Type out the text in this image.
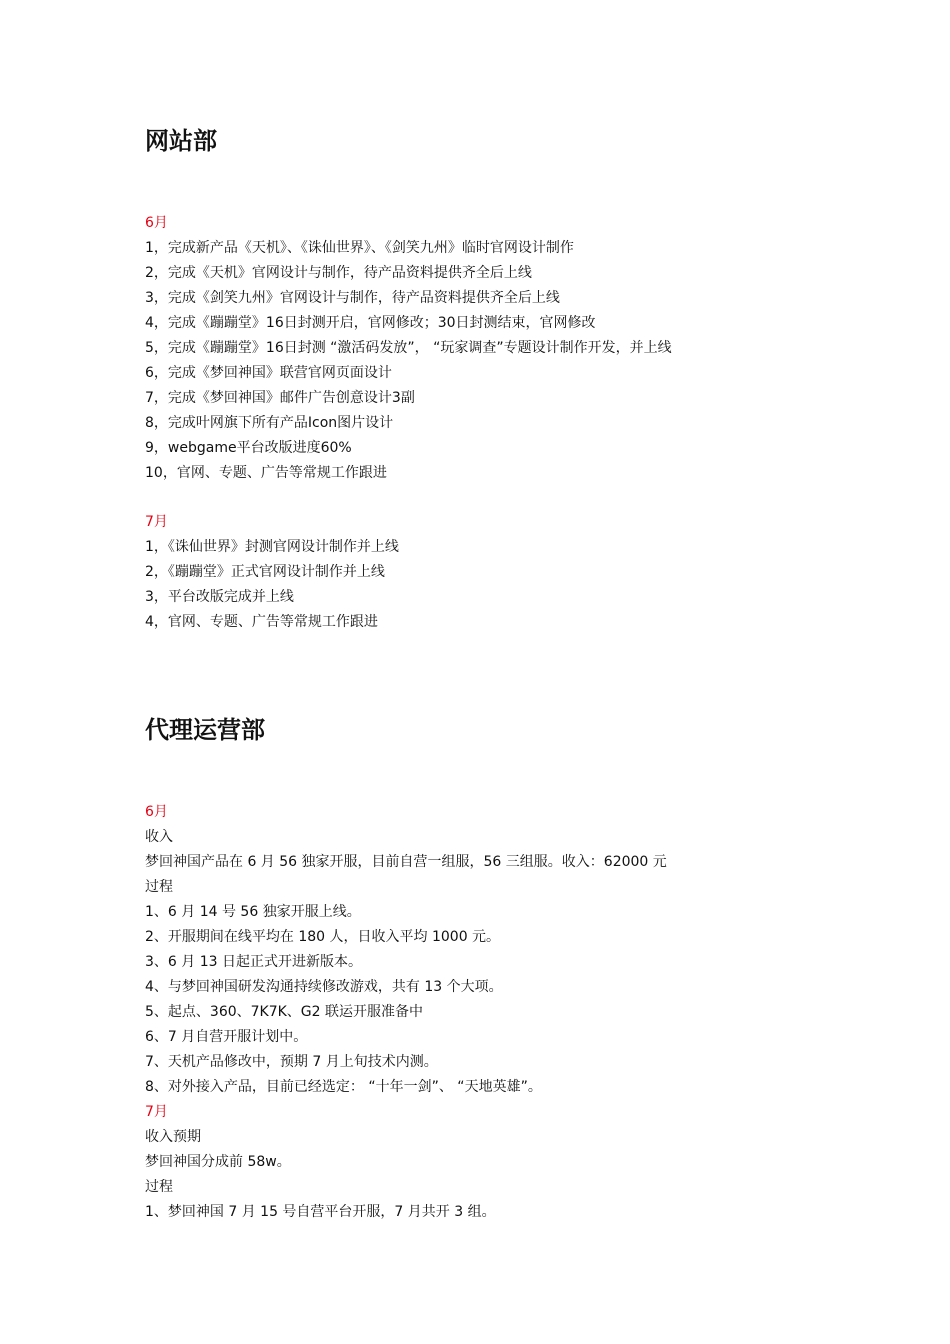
网站部
6月
1，完成新产品《天机》、《诛仙世界》、《剑笑九州》临时官网设计制作
2，完成《天机》官网设计与制作，待产品资料提供齐全后上线
3，完成《剑笑九州》官网设计与制作，待产品资料提供齐全后上线
4，完成《蹦蹦堂》16日封测开启，官网修改；30日封测结束，官网修改
5，完成《蹦蹦堂》16日封测 “激活码发放”， “玩家调查”专题设计制作开发，并上线
6，完成《梦回神国》联营官网页面设计
7，完成《梦回神国》邮件广告创意设计3副
8，完成叶网旗下所有产品Icon图片设计
9，webgame平台改版进度60%
10，官网、专题、广告等常规工作跟进
7月
1，《诛仙世界》封测官网设计制作并上线
2，《蹦蹦堂》正式官网设计制作并上线
3，平台改版完成并上线
4，官网、专题、广告等常规工作跟进
代理运营部
6月
收入
梦回神国产品在 6 月 56 独家开服，目前自营一组服，56 三组服。收入：62000 元
过程
1、6 月 14 号 56 独家开服上线。
2、开服期间在线平均在 180 人，日收入平均 1000 元。
3、6 月 13 日起正式开进新版本。
4、与梦回神国研发沟通持续修改游戏，共有 13 个大项。
5、起点、360、7K7K、G2 联运开服准备中
6、7 月自营开服计划中。
7、天机产品修改中，预期 7 月上旬技术内测。
8、对外接入产品，目前已经选定： “十年一剑”、 “天地英雄”。
7月
收入预期
梦回神国分成前 58w。
过程
1、梦回神国 7 月 15 号自营平台开服，7 月共开 3 组。
